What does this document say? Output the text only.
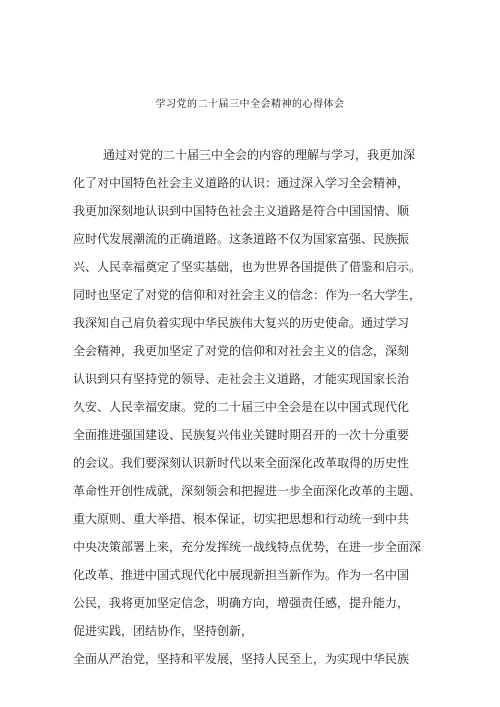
学习党的二十届三中全会精神的心得体会
通过对党的二十届三中全会的内容的理解与学习，我更加深
化了对中国特色社会主义道路的认识：通过深入学习全会精神，
我更加深刻地认识到中国特色社会主义道路是符合中国国情、顺
应时代发展潮流的正确道路。这条道路不仅为国家富强、民族振
兴、人民幸福奠定了坚实基础，也为世界各国提供了借鉴和启示。
同时也坚定了对党的信仰和对社会主义的信念：作为一名大学生，
我深知自己肩负着实现中华民族伟大复兴的历史使命。通过学习
全会精神，我更加坚定了对党的信仰和对社会主义的信念，深刻
认识到只有坚持党的领导、走社会主义道路，才能实现国家长治
久安、人民幸福安康。党的二十届三中全会是在以中国式现代化
全面推进强国建设、民族复兴伟业关键时期召开的一次十分重要
的会议。我们要深刻认识新时代以来全面深化改革取得的历史性
革命性开创性成就，深刻领会和把握进一步全面深化改革的主题、
重大原则、重大举措、根本保证，切实把思想和行动统一到中共
中央决策部署上来，充分发挥统一战线特点优势，在进一步全面深
化改革、推进中国式现代化中展现新担当新作为。作为一名中国
公民，我将更加坚定信念，明确方向，增强责任感，提升能力，
促进实践，团结协作，坚持创新，
全面从严治党，坚持和平发展，坚持人民至上，为实现中华民族
